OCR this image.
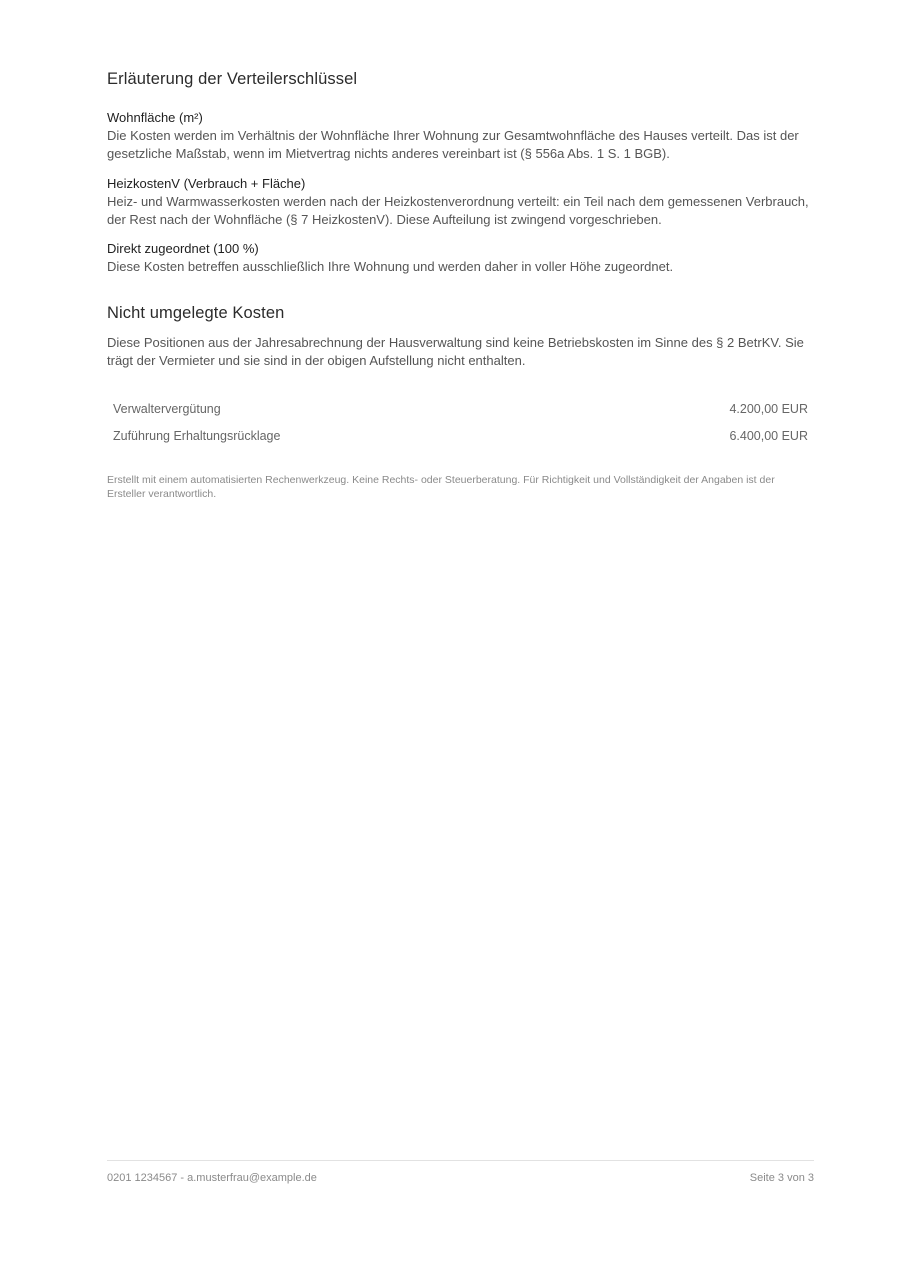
Erläuterung der Verteilerschlüssel
Wohnfläche (m²)
Die Kosten werden im Verhältnis der Wohnfläche Ihrer Wohnung zur Gesamtwohnfläche des Hauses verteilt. Das ist der gesetzliche Maßstab, wenn im Mietvertrag nichts anderes vereinbart ist (§ 556a Abs. 1 S. 1 BGB).
HeizkostenV (Verbrauch + Fläche)
Heiz- und Warmwasserkosten werden nach der Heizkostenverordnung verteilt: ein Teil nach dem gemessenen Verbrauch, der Rest nach der Wohnfläche (§ 7 HeizkostenV). Diese Aufteilung ist zwingend vorgeschrieben.
Direkt zugeordnet (100 %)
Diese Kosten betreffen ausschließlich Ihre Wohnung und werden daher in voller Höhe zugeordnet.
Nicht umgelegte Kosten
Diese Positionen aus der Jahresabrechnung der Hausverwaltung sind keine Betriebskosten im Sinne des § 2 BetrKV. Sie trägt der Vermieter und sie sind in der obigen Aufstellung nicht enthalten.
Verwaltervergütung	4.200,00 EUR
Zuführung Erhaltungsrücklage	6.400,00 EUR
Erstellt mit einem automatisierten Rechenwerkzeug. Keine Rechts- oder Steuerberatung. Für Richtigkeit und Vollständigkeit der Angaben ist der Ersteller verantwortlich.
0201 1234567 - a.musterfrau@example.de	Seite 3 von 3
